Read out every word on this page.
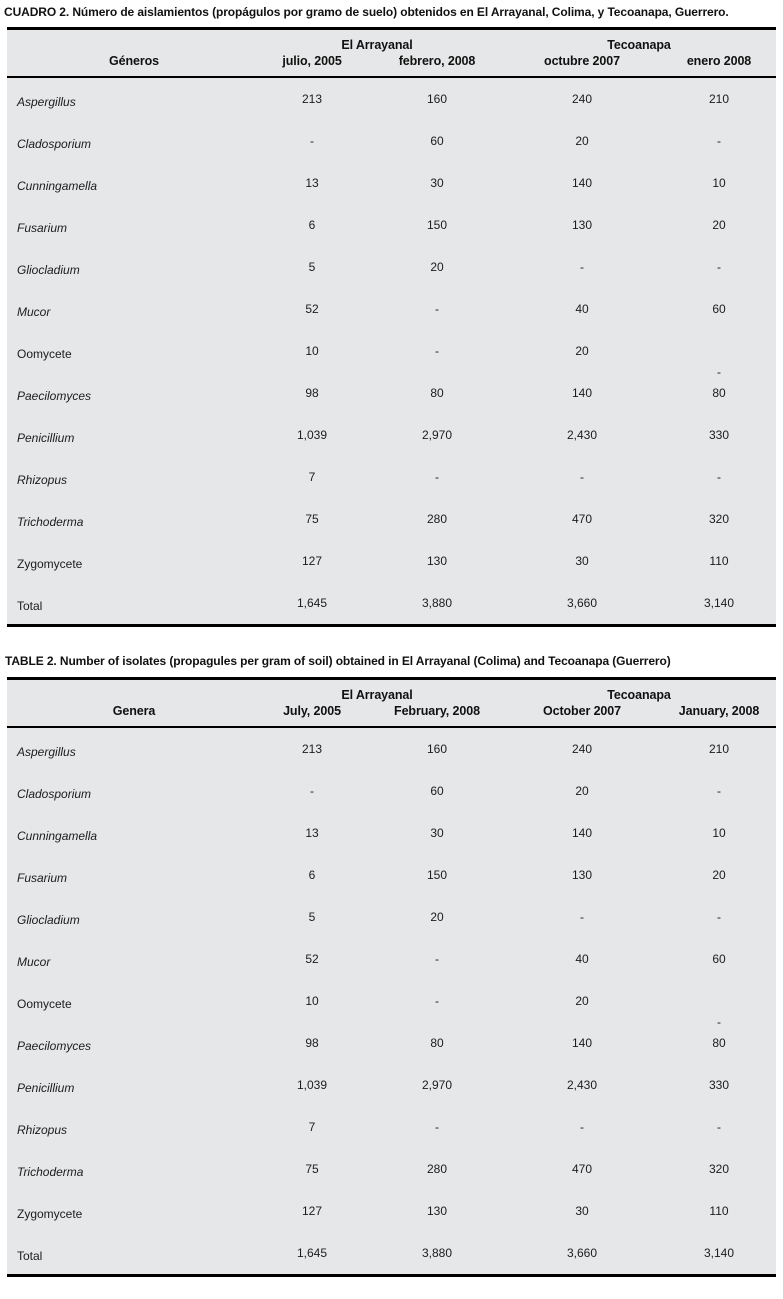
CUADRO 2. Número de aislamientos (propágulos por gramo de suelo) obtenidos en El Arrayanal, Colima, y Tecoanapa, Guerrero.
	El Arrayanal		Tecoanapa	
Géneros	julio, 2005	febrero, 2008	octubre 2007	enero 2008
Aspergillus	213	160	240	210
Cladosporium	-	60	20	-
Cunningamella	13	30	140	10
Fusarium	6	150	130	20
Gliocladium	5	20	-	-
Mucor	52	-	40	60
Oomycete	10	-	20	-
Paecilomyces	98	80	140	80
Penicillium	1,039	2,970	2,430	330
Rhizopus	7	-	-	-
Trichoderma	75	280	470	320
Zygomycete	127	130	30	110
Total	1,645	3,880	3,660	3,140
TABLE 2. Number of isolates (propagules per gram of soil) obtained in El Arrayanal (Colima) and Tecoanapa (Guerrero)
	El Arrayanal		Tecoanapa	
Genera	July, 2005	February, 2008	October 2007	January, 2008
Aspergillus	213	160	240	210
Cladosporium	-	60	20	-
Cunningamella	13	30	140	10
Fusarium	6	150	130	20
Gliocladium	5	20	-	-
Mucor	52	-	40	60
Oomycete	10	-	20	-
Paecilomyces	98	80	140	80
Penicillium	1,039	2,970	2,430	330
Rhizopus	7	-	-	-
Trichoderma	75	280	470	320
Zygomycete	127	130	30	110
Total	1,645	3,880	3,660	3,140
